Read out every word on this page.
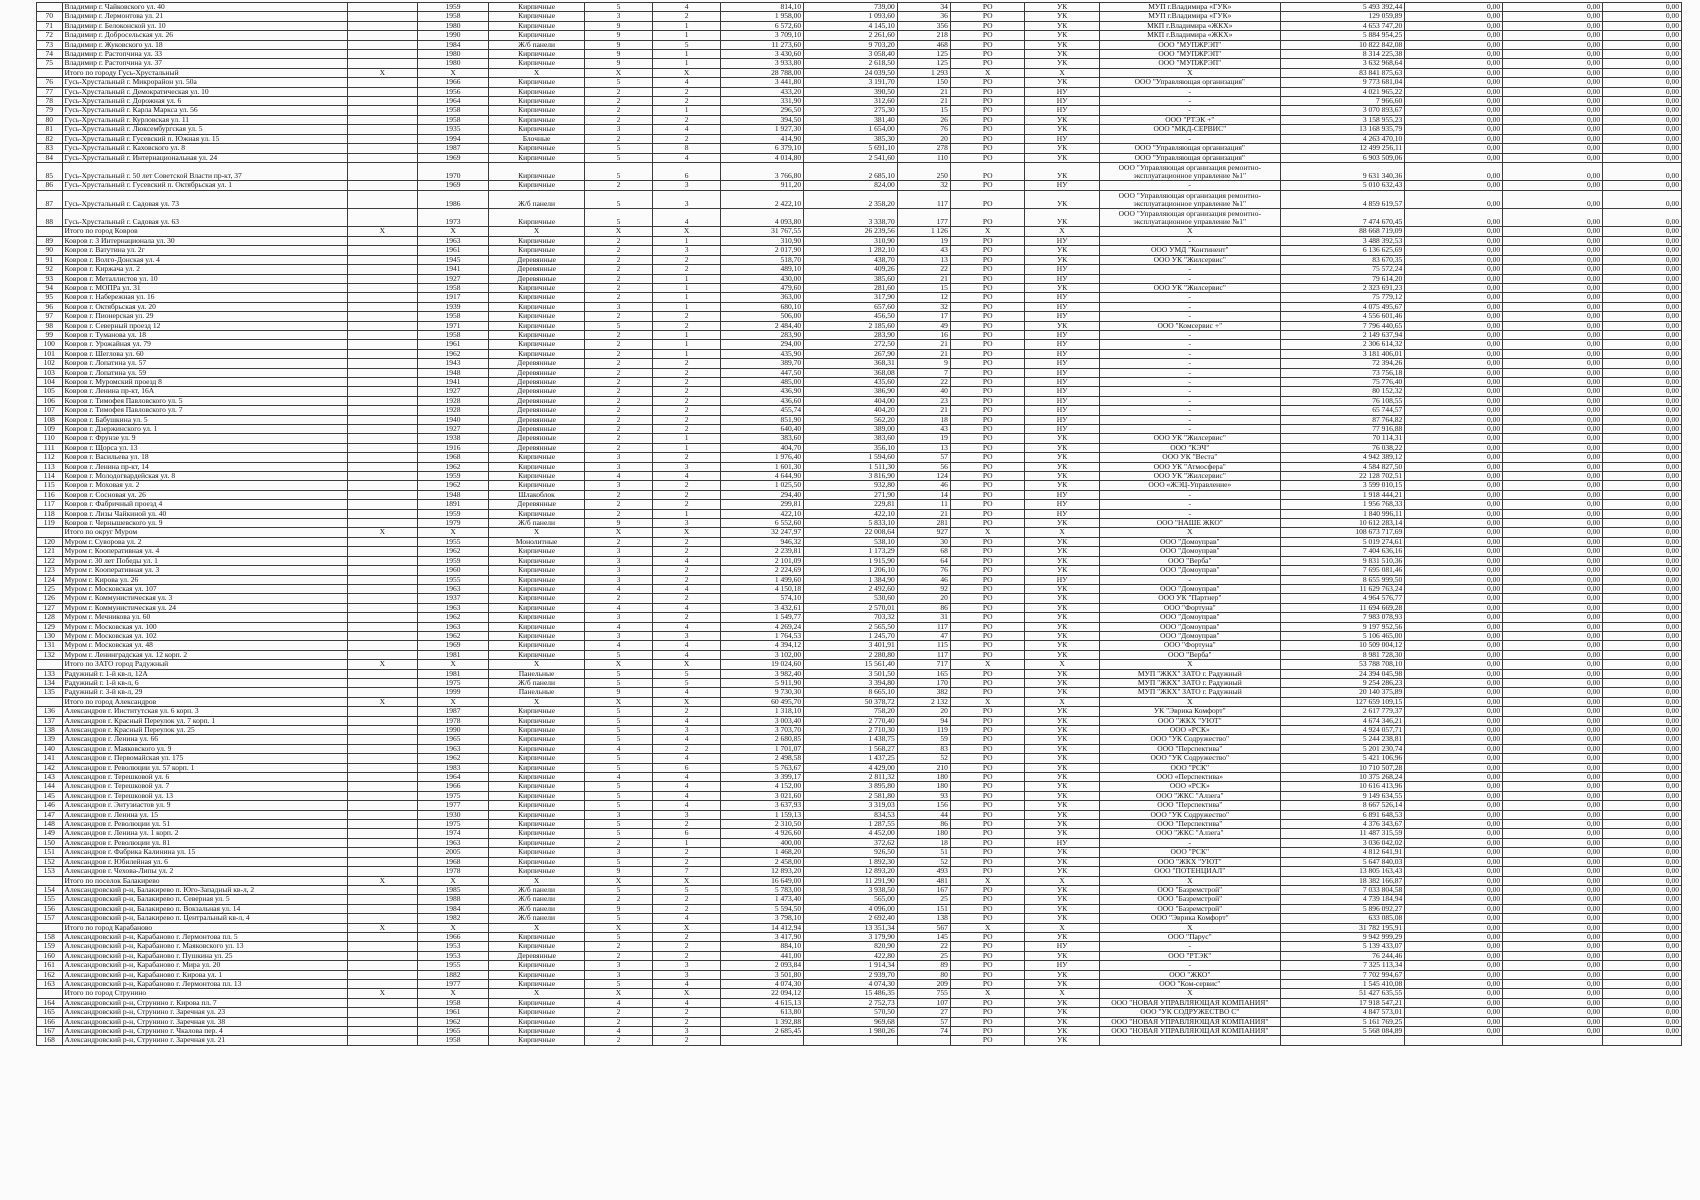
	Владимир г. Чайковского ул. 40		1959	Кирпичные	5	4	814,10	739,00	34	РО	УК	МУП г.Владимира «ГУК»	5 493 392,44	0,00	0,00	0,00
70	Владимир г. Лермонтова ул. 21		1958	Кирпичные	3	2	1 958,00	1 093,60	36	РО	УК	МУП г.Владимира «ГУК»	129 059,89	0,00	0,00	0,00
71	Владимир г. Белоконской ул. 10		1980	Кирпичные	9	1	6 572,60	4 145,10	356	РО	УК	МКП г.Владимира «ЖКХ»	4 653 747,20	0,00	0,00	0,00
72	Владимир г. Добросельская ул. 26		1990	Кирпичные	9	1	3 709,10	2 261,60	218	РО	УК	МКП г.Владимира «ЖКХ»	5 884 954,25	0,00	0,00	0,00
73	Владимир г. Жуковского ул. 18		1984	Ж/б панели	9	5	11 273,60	9 703,20	468	РО	УК	ООО "МУПЖРЭП"	10 822 842,08	0,00	0,00	0,00
74	Владимир г. Растопчина ул. 33		1980	Кирпичные	9	1	3 430,60	3 058,40	125	РО	УК	ООО "МУПЖРЭП"	8 314 225,38	0,00	0,00	0,00
75	Владимир г. Растопчина ул. 37		1980	Кирпичные	9	1	3 933,80	2 618,50	125	РО	УК	ООО "МУПЖРЭП"	3 632 968,64	0,00	0,00	0,00
	Итого по городу Гусь-Хрустальный	X	X	X	X	X	28 788,00	24 039,50	1 293	X	X	X	83 841 875,63	0,00	0,00	0,00
76	Гусь-Хрустальный г. Микрорайон ул. 50а		1966	Кирпичные	5	4	3 441,80	3 191,70	150	РО	УК	ООО "Управляющая организация"	9 773 681,04	0,00	0,00	0,00
77	Гусь-Хрустальный г. Демократическая ул. 10		1956	Кирпичные	2	2	433,20	390,50	21	РО	НУ	-	4 021 965,22	0,00	0,00	0,00
78	Гусь-Хрустальный г. Дорожная ул. 6		1964	Кирпичные	2	2	331,90	312,60	21	РО	НУ	-	7 966,60	0,00	0,00	0,00
79	Гусь-Хрустальный г. Карла Маркса ул. 56		1958	Кирпичные	2	1	296,50	275,30	15	РО	НУ	-	3 070 893,67	0,00	0,00	0,00
80	Гусь-Хрустальный г. Курловская ул. 11		1958	Кирпичные	2	2	394,50	381,40	26	РО	УК	ООО "РТЭК +"	3 158 955,23	0,00	0,00	0,00
81	Гусь-Хрустальный г. Люксембургская ул. 5		1935	Кирпичные	3	4	1 927,30	1 654,00	76	РО	УК	ООО "МКД-СЕРВИС"	13 168 935,79	0,00	0,00	0,00
82	Гусь-Хрустальный г. Гусевский п. Южная ул. 15		1994	Блочные	2	2	414,90	385,30	20	РО	НУ	-	4 263 470,10	0,00	0,00	0,00
83	Гусь-Хрустальный г. Каховского ул. 8		1987	Кирпичные	5	8	6 379,10	5 691,10	278	РО	УК	ООО "Управляющая организация"	12 499 256,11	0,00	0,00	0,00
84	Гусь-Хрустальный г. Интернациональная ул. 24		1969	Кирпичные	5	4	4 014,80	2 541,60	110	РО	УК	ООО "Управляющая организация"	6 903 509,06	0,00	0,00	0,00
85	Гусь-Хрустальный г. 50 лет Советской Власти пр-кт, 37		1970	Кирпичные	5	6	3 766,80	2 685,10	250	РО	УК	ООО "Управляющая организация ремонтно-эксплуатационное управление №1"	9 631 340,36	0,00	0,00	0,00
86	Гусь-Хрустальный г. Гусевский п. Октябрьская ул. 1		1969	Кирпичные	2	3	911,20	824,00	32	РО	НУ	-	5 010 632,43	0,00	0,00	0,00
87	Гусь-Хрустальный г. Садовая ул. 73		1986	Ж/б панели	5	3	2 422,10	2 358,20	117	РО	УК	ООО "Управляющая организация ремонтно-эксплуатационное управление №1"	4 859 619,57	0,00	0,00	0,00
88	Гусь-Хрустальный г. Садовая ул. 63		1973	Кирпичные	5	4	4 093,80	3 338,70	177	РО	УК	ООО "Управляющая организация ремонтно-эксплуатационное управление №1"	7 474 670,45	0,00	0,00	0,00
	Итого по город Ковров	X	X	X	X	X	31 767,55	26 239,56	1 126	X	X	X	88 668 719,09	0,00	0,00	0,00
89	Ковров г. 3 Интернационала ул. 30		1963	Кирпичные	2	1	310,90	310,90	19	РО	НУ	-	3 488 392,53	0,00	0,00	0,00
90	Ковров г. Ватутина ул. 2г		1961	Кирпичные	2	3	2 017,90	1 282,10	43	РО	УК	ООО УМД "Континент"	6 136 625,69	0,00	0,00	0,00
91	Ковров г. Волго-Донская ул. 4		1945	Деревянные	2	2	518,70	438,70	13	РО	УК	ООО УК "Жилсервис"	83 670,35	0,00	0,00	0,00
92	Ковров г. Киржача ул. 2		1941	Деревянные	2	2	489,10	409,26	22	РО	НУ	-	75 572,24	0,00	0,00	0,00
93	Ковров г. Металлистов ул. 10		1927	Деревянные	2	1	430,00	385,60	21	РО	НУ	-	79 614,20	0,00	0,00	0,00
94	Ковров г. МОПРа ул. 31		1958	Кирпичные	2	1	479,60	281,60	15	РО	УК	ООО УК "Жилсервис"	2 323 691,23	0,00	0,00	0,00
95	Ковров г. Набережная ул. 16		1917	Кирпичные	2	1	363,00	317,90	12	РО	НУ	-	75 779,12	0,00	0,00	0,00
96	Ковров г. Октябрьская ул. 20		1939	Кирпичные	3	1	680,10	657,60	32	РО	НУ	-	4 075 495,67	0,00	0,00	0,00
97	Ковров г. Пионерская ул. 29		1958	Кирпичные	2	2	506,00	456,50	17	РО	НУ	-	4 556 601,46	0,00	0,00	0,00
98	Ковров г. Северный проезд 12		1971	Кирпичные	5	2	2 484,40	2 185,60	49	РО	УК	ООО "Комсервис +"	7 796 440,65	0,00	0,00	0,00
99	Ковров г. Туманова ул. 18		1958	Кирпичные	2	1	283,90	283,90	16	РО	НУ	-	2 149 637,94	0,00	0,00	0,00
100	Ковров г. Урожайная ул. 79		1961	Кирпичные	2	1	294,00	272,50	21	РО	НУ	-	2 306 614,32	0,00	0,00	0,00
101	Ковров г. Шегловa ул. 60		1962	Кирпичные	2	1	435,90	267,90	21	РО	НУ	-	3 181 406,01	0,00	0,00	0,00
102	Ковров г. Лопатина ул. 57		1943	Деревянные	2	2	389,70	368,31	9	РО	НУ	-	72 394,26	0,00	0,00	0,00
103	Ковров г. Лопатина ул. 59		1948	Деревянные	2	2	447,50	368,08	7	РО	НУ	-	73 756,18	0,00	0,00	0,00
104	Ковров г. Муромский проезд 8		1941	Деревянные	2	2	485,00	435,60	22	РО	НУ	-	75 776,40	0,00	0,00	0,00
105	Ковров г. Ленина пр-кт, 16А		1927	Деревянные	2	2	436,90	386,90	40	РО	НУ	-	80 152,32	0,00	0,00	0,00
106	Ковров г. Тимофея Павловского ул. 5		1928	Деревянные	2	2	436,60	404,00	23	РО	НУ	-	76 108,55	0,00	0,00	0,00
107	Ковров г. Тимофея Павловского ул. 7		1928	Деревянные	2	2	455,74	404,20	21	РО	НУ	-	65 744,57	0,00	0,00	0,00
108	Ковров г. Бабушкина ул. 5		1940	Деревянные	2	2	851,90	562,20	18	РО	НУ	-	87 764,82	0,00	0,00	0,00
109	Ковров г. Дзержинского ул. 1		1927	Деревянные	2	2	640,40	389,00	43	РО	НУ	-	77 916,88	0,00	0,00	0,00
110	Ковров г. Фрунзе ул. 9		1938	Деревянные	2	1	383,60	383,60	19	РО	УК	ООО УК "Жилсервис"	70 114,31	0,00	0,00	0,00
111	Ковров г. Щорса ул. 13		1916	Деревянные	2	1	404,70	356,10	13	РО	УК	ООО "КЭЧ"	76 038,22	0,00	0,00	0,00
112	Ковров г. Васильева ул. 18		1968	Кирпичные	3	2	1 976,40	1 594,60	57	РО	УК	ООО УК "Веста"	4 942 389,12	0,00	0,00	0,00
113	Ковров г. Ленина пр-кт, 14		1962	Кирпичные	3	3	1 601,30	1 511,30	56	РО	УК	ООО УК "Атмосфера"	4 584 827,50	0,00	0,00	0,00
114	Ковров г. Молодогвардейская ул. 8		1959	Кирпичные	4	4	4 644,90	3 816,90	124	РО	УК	ООО УК "Жилсервис"	22 128 702,51	0,00	0,00	0,00
115	Ковров г. Моховая ул. 2		1962	Кирпичные	3	2	1 025,50	932,80	46	РО	УК	ООО «ЖЭЦ-Управление»	3 599 010,15	0,00	0,00	0,00
116	Ковров г. Сосновая ул. 26		1948	Шлакоблок	2	2	294,40	271,90	14	РО	НУ	-	1 918 444,21	0,00	0,00	0,00
117	Ковров г. Фабричный проезд 4		1891	Деревянные	2	2	299,81	229,81	11	РО	НУ	-	1 956 768,33	0,00	0,00	0,00
118	Ковров г. Лизы Чайкиной ул. 40		1959	Кирпичные	2	1	422,10	422,10	21	РО	НУ	-	1 840 996,11	0,00	0,00	0,00
119	Ковров г. Чернышевского ул. 9		1979	Ж/б панели	9	3	6 552,60	5 833,10	281	РО	УК	ООО "НАШЕ ЖКО"	10 612 283,14	0,00	0,00	0,00
	Итого по округ Муром	X	X	X	X	X	32 247,97	22 008,64	927	X	X	X	108 673 717,69	0,00	0,00	0,00
120	Муром г. Суворова ул. 2		1955	Монолитные	2	2	946,32	538,10	30	РО	УК	ООО "Домоуправ"	5 019 274,61	0,00	0,00	0,00
121	Муром г. Кооперативная ул. 4		1962	Кирпичные	3	2	2 239,81	1 173,29	68	РО	УК	ООО "Домоуправ"	7 404 636,16	0,00	0,00	0,00
122	Муром г. 30 лет Победы ул. 1		1959	Кирпичные	3	4	2 101,09	1 915,90	64	РО	УК	ООО "Верба"	9 831 510,36	0,00	0,00	0,00
123	Муром г. Кооперативная ул. 3		1960	Кирпичные	3	2	2 224,69	1 206,10	76	РО	УК	ООО "Домоуправ"	7 695 081,46	0,00	0,00	0,00
124	Муром г. Кирова ул. 26		1955	Кирпичные	3	2	1 499,60	1 384,90	46	РО	НУ	-	8 655 999,50	0,00	0,00	0,00
125	Муром г. Московская ул. 107		1963	Кирпичные	4	4	4 150,18	2 492,60	92	РО	УК	ООО "Домоуправ"	11 629 763,24	0,00	0,00	0,00
126	Муром г. Коммунистическая ул. 3		1937	Кирпичные	2	2	574,10	530,60	20	РО	УК	ООО УК "Партнер"	4 964 576,77	0,00	0,00	0,00
127	Муром г. Коммунистическая ул. 24		1963	Кирпичные	4	4	3 432,61	2 570,01	86	РО	УК	ООО "Фортуна"	11 694 669,28	0,00	0,00	0,00
128	Муром г. Мечникова ул. 60		1962	Кирпичные	3	2	1 549,77	703,32	31	РО	УК	ООО "Домоуправ"	7 983 078,93	0,00	0,00	0,00
129	Муром г. Московская ул. 100		1963	Кирпичные	4	4	4 269,24	2 565,50	117	РО	УК	ООО "Домоуправ"	9 197 952,56	0,00	0,00	0,00
130	Муром г. Московская ул. 102		1962	Кирпичные	3	3	1 764,53	1 245,70	47	РО	УК	ООО "Домоуправ"	5 106 465,00	0,00	0,00	0,00
131	Муром г. Московская ул. 48		1969	Кирпичные	4	4	4 394,12	3 401,91	115	РО	УК	ООО "Фортуна"	10 509 004,12	0,00	0,00	0,00
132	Муром г. Ленинградская ул. 12 корп. 2		1981	Кирпичные	5	4	3 102,00	2 280,80	117	РО	УК	ООО "Верба"	8 981 728,30	0,00	0,00	0,00
	Итого по ЗАТО город Радужный	X	X	X	X	X	19 024,60	15 561,40	717	X	X	X	53 788 708,10	0,00	0,00	0,00
133	Радужный г. 1-й кв-л, 12А		1981	Панельные	5	5	3 982,40	3 501,50	165	РО	УК	МУП "ЖКХ" ЗАТО г. Радужный	24 394 045,98	0,00	0,00	0,00
134	Радужный г. 1-й кв-л, 6		1975	Ж/б панели	5	5	5 911,90	3 394,80	170	РО	УК	МУП "ЖКХ" ЗАТО г. Радужный	9 254 286,23	0,00	0,00	0,00
135	Радужный г. 3-й кв-л, 29		1999	Панельные	9	4	9 730,30	8 665,10	382	РО	УК	МУП "ЖКХ" ЗАТО г. Радужный	20 140 375,89	0,00	0,00	0,00
	Итого по город Александров	X	X	X	X	X	60 495,70	50 378,72	2 132	X	X	X	127 659 109,15	0,00	0,00	0,00
136	Александров г. Институтская ул. 6 корп. 3		1987	Кирпичные	5	2	1 318,10	758,20	20	РО	УК	УК "Эврика Комфорт"	2 617 779,37	0,00	0,00	0,00
137	Александров г. Красный Переулок ул. 7 корп. 1		1978	Кирпичные	5	4	3 003,40	2 770,40	94	РО	УК	ООО "ЖКХ "УЮТ"	4 674 346,21	0,00	0,00	0,00
138	Александров г. Красный Переулок ул. 25		1990	Кирпичные	5	3	3 703,70	2 710,30	119	РО	УК	ООО «РСК»	4 924 057,71	0,00	0,00	0,00
139	Александров г. Ленина ул. 66		1965	Кирпичные	5	4	2 680,85	1 438,75	59	РО	УК	ООО "УК Содружество"	5 244 238,81	0,00	0,00	0,00
140	Александров г. Маяковского ул. 9		1963	Кирпичные	4	2	1 701,07	1 568,27	83	РО	УК	ООО "Перспектива"	5 201 230,74	0,00	0,00	0,00
141	Александров г. Первомайская ул. 175		1962	Кирпичные	5	4	2 498,58	1 437,25	52	РО	УК	ООО "УК Содружество"	5 421 106,96	0,00	0,00	0,00
142	Александров г. Революции ул. 57 корп. 1		1983	Кирпичные	5	6	5 763,67	4 429,00	210	РО	УК	ООО "РСК"	10 710 507,28	0,00	0,00	0,00
143	Александров г. Терешковой ул. 6		1964	Кирпичные	4	4	3 399,17	2 811,32	180	РО	УК	ООО «Перспектива»	10 375 268,24	0,00	0,00	0,00
144	Александров г. Терешковой ул. 7		1966	Кирпичные	5	4	4 152,00	3 895,80	180	РО	УК	ООО «РСК»	10 616 413,96	0,00	0,00	0,00
145	Александров г. Терешковой ул. 13		1975	Кирпичные	5	4	3 021,60	2 581,80	93	РО	УК	ООО "ЖКС "Алзега"	9 149 634,55	0,00	0,00	0,00
146	Александров г. Энтузиастов ул. 9		1977	Кирпичные	5	4	3 637,93	3 319,03	156	РО	УК	ООО "Перспектива"	8 667 526,14	0,00	0,00	0,00
147	Александров г. Ленина ул. 15		1930	Кирпичные	3	3	1 159,13	834,53	44	РО	УК	ООО "УК Содружество"	6 891 648,53	0,00	0,00	0,00
148	Александров г. Революции ул. 51		1975	Кирпичные	5	2	2 310,50	1 287,55	86	РО	УК	ООО "Перспектива"	4 376 343,67	0,00	0,00	0,00
149	Александров г. Ленина ул. 1 корп. 2		1974	Кирпичные	5	6	4 926,60	4 452,00	180	РО	УК	ООО "ЖКС "Алзега"	11 487 315,59	0,00	0,00	0,00
150	Александров г. Революции ул. 81		1963	Кирпичные	2	1	400,00	372,62	18	РО	НУ	-	3 036 042,02	0,00	0,00	0,00
151	Александров г. Фабрика Калинина ул. 15		2005	Кирпичные	3	2	1 468,20	926,50	51	РО	УК	ООО "РСК"	4 812 641,91	0,00	0,00	0,00
152	Александров г. Юбилейная ул. 6		1968	Кирпичные	5	2	2 458,00	1 892,30	52	РО	УК	ООО "ЖКХ "УЮТ"	5 647 840,03	0,00	0,00	0,00
153	Александров г. Чехова-Липы ул. 2		1978	Кирпичные	9	7	12 893,20	12 893,20	493	РО	УК	ООО "ПОТЕНЦИАЛ"	13 805 163,43	0,00	0,00	0,00
	Итого по поселок Балакирево	X	X	X	X	X	16 649,00	11 291,90	481	X	X	X	18 382 166,87	0,00	0,00	0,00
154	Александровский р-н, Балакирево п. Юго-Западный кв-л, 2		1985	Ж/б панели	5	5	5 783,00	3 938,50	167	РО	УК	ООО "Базремстрой"	7 033 804,58	0,00	0,00	0,00
155	Александровский р-н, Балакирево п. Северная ул. 5		1988	Ж/б панели	2	2	1 473,40	565,00	25	РО	УК	ООО "Базремстрой"	4 739 184,94	0,00	0,00	0,00
156	Александровский р-н, Балакирево п. Вокзальная ул. 14		1984	Ж/б панели	9	2	5 594,50	4 096,00	151	РО	УК	ООО "Базремстрой"	5 896 092,27	0,00	0,00	0,00
157	Александровский р-н, Балакирево п. Центральный кв-л, 4		1982	Ж/б панели	5	4	3 798,10	2 692,40	138	РО	УК	ООО "Эврика Комфорт"	633 085,08	0,00	0,00	0,00
	Итого по город Карабаново	X	X	X	X	X	14 412,94	13 351,34	567	X	X	X	31 782 195,91	0,00	0,00	0,00
158	Александровский р-н, Карабаново г. Лермонтова пл. 5		1966	Кирпичные	5	2	3 417,90	3 179,90	145	РО	УК	ООО "Парус"	9 942 999,29	0,00	0,00	0,00
159	Александровский р-н, Карабаново г. Маяковского ул. 13		1953	Кирпичные	2	2	884,10	820,90	22	РО	НУ	-	5 139 433,07	0,00	0,00	0,00
160	Александровский р-н, Карабаново г. Пушкина ул. 25		1953	Деревянные	2	2	441,00	422,80	25	РО	УК	ООО "РТЭК"	76 244,46	0,00	0,00	0,00
161	Александровский р-н, Карабаново г. Мира ул. 20		1955	Кирпичные	3	3	2 093,84	1 914,34	89	РО	НУ	-	7 325 113,34	0,00	0,00	0,00
162	Александровский р-н, Карабаново г. Кирова ул. 1		1882	Кирпичные	3	3	3 501,80	2 939,70	80	РО	УК	ООО "ЖКО"	7 702 994,67	0,00	0,00	0,00
163	Александровский р-н, Карабаново г. Лермонтова пл. 13		1977	Кирпичные	5	4	4 074,30	4 074,30	209	РО	УК	ООО "Ком-сервис"	1 545 410,08	0,00	0,00	0,00
	Итого по город Струнино	X	X	X	X	X	22 094,12	15 486,35	755	X	X	X	51 427 635,55	0,00	0,00	0,00
164	Александровский р-н, Струнино г. Кирова пл. 7		1958	Кирпичные	4	4	4 615,13	2 752,73	107	РО	УК	ООО "НОВАЯ УПРАВЛЯЮЩАЯ КОМПАНИЯ"	17 918 547,21	0,00	0,00	0,00
165	Александровский р-н, Струнино г. Заречная ул. 23		1961	Кирпичные	2	2	613,80	570,50	27	РО	УК	ООО "УК СОДРУЖЕСТВО С"	4 847 573,01	0,00	0,00	0,00
166	Александровский р-н, Струнино г. Заречная ул. 38		1962	Кирпичные	2	2	1 392,88	969,68	57	РО	УК	ООО "НОВАЯ УПРАВЛЯЮЩАЯ КОМПАНИЯ"	5 161 769,25	0,00	0,00	0,00
167	Александровский р-н, Струнино г. Чкалова пер. 4		1965	Кирпичные	4	3	2 685,45	1 980,26	74	РО	УК	ООО "НОВАЯ УПРАВЛЯЮЩАЯ КОМПАНИЯ"	5 568 084,89	0,00	0,00	0,00
168	Александровский р-н, Струнино г. Заречная ул. 21		1958	Кирпичные	2	2				РО	УК					
